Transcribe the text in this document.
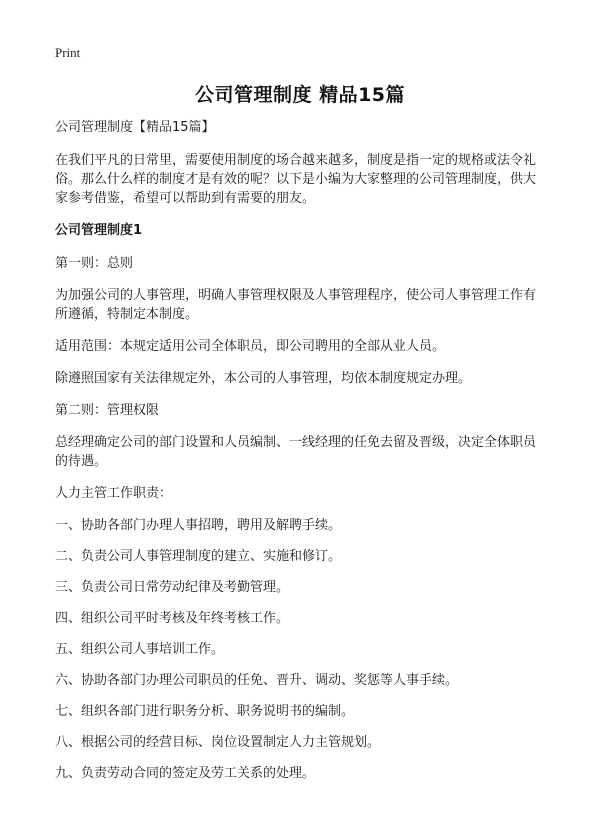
Print
公司管理制度 精品15篇

公司管理制度【精品15篇】

在我们平凡的日常里，需要使用制度的场合越来越多，制度是指一定的规格或法令礼俗。那么什么样的制度才是有效的呢？以下是小编为大家整理的公司管理制度，供大家参考借鉴，希望可以帮助到有需要的朋友。

公司管理制度1

第一则：总则

为加强公司的人事管理，明确人事管理权限及人事管理程序，使公司人事管理工作有所遵循，特制定本制度。

适用范围：本规定适用公司全体职员，即公司聘用的全部从业人员。

除遵照国家有关法律规定外，本公司的人事管理，均依本制度规定办理。

第二则：管理权限

总经理确定公司的部门设置和人员编制、一线经理的任免去留及晋级，决定全体职员的待遇。

人力主管工作职责：

一、协助各部门办理人事招聘，聘用及解聘手续。
二、负责公司人事管理制度的建立、实施和修订。
三、负责公司日常劳动纪律及考勤管理。
四、组织公司平时考核及年终考核工作。
五、组织公司人事培训工作。
六、协助各部门办理公司职员的任免、晋升、调动、奖惩等人事手续。
七、组织各部门进行职务分析、职务说明书的编制。
八、根据公司的经营目标、岗位设置制定人力主管规划。
九、负责劳动合同的签定及劳工关系的处理。
